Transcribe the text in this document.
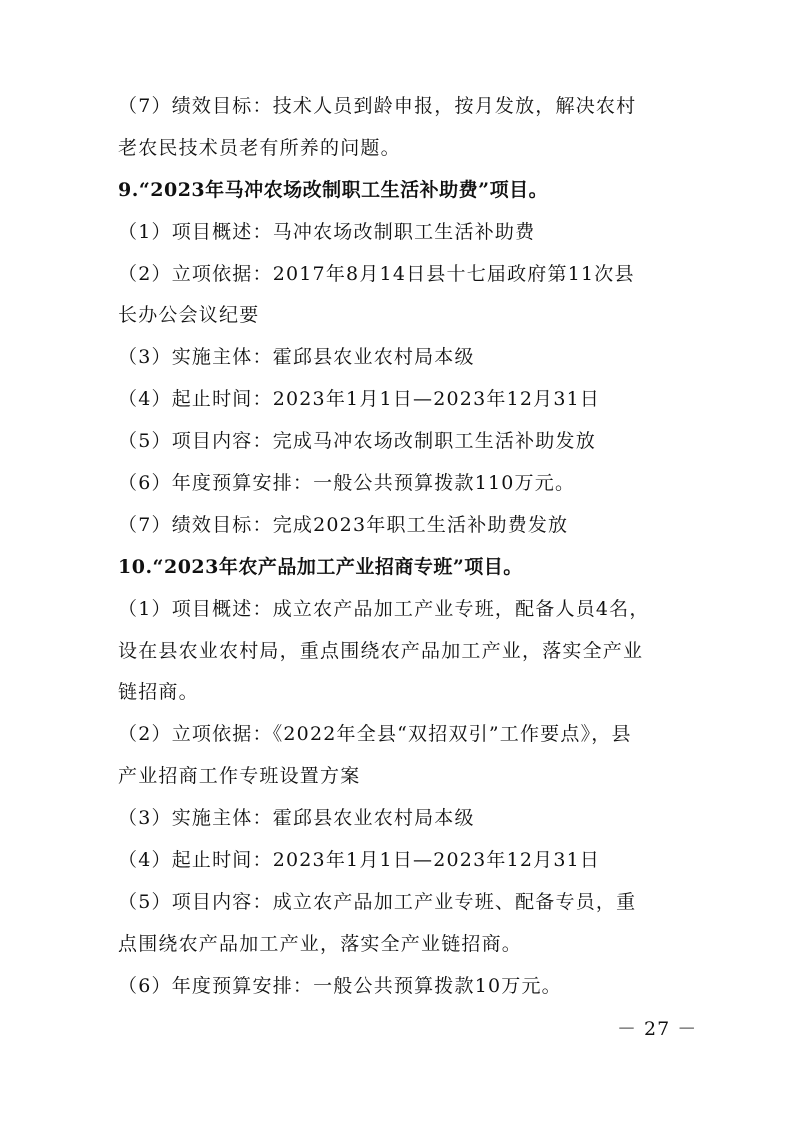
（7）绩效目标：技术人员到龄申报，按月发放，解决农村
老农民技术员老有所养的问题。
9.“2023年马冲农场改制职工生活补助费”项目。
（1）项目概述：马冲农场改制职工生活补助费
（2）立项依据：2017年8月14日县十七届政府第11次县
长办公会议纪要
（3）实施主体：霍邱县农业农村局本级
（4）起止时间：2023年1月1日—2023年12月31日
（5）项目内容：完成马冲农场改制职工生活补助发放
（6）年度预算安排：一般公共预算拨款110万元。
（7）绩效目标：完成2023年职工生活补助费发放
10.“2023年农产品加工产业招商专班”项目。
（1）项目概述：成立农产品加工产业专班，配备人员4名，
设在县农业农村局，重点围绕农产品加工产业，落实全产业
链招商。
（2）立项依据：《2022年全县“双招双引”工作要点》，县
产业招商工作专班设置方案
（3）实施主体：霍邱县农业农村局本级
（4）起止时间：2023年1月1日—2023年12月31日
（5）项目内容：成立农产品加工产业专班、配备专员，重
点围绕农产品加工产业，落实全产业链招商。
（6）年度预算安排：一般公共预算拨款10万元。
－ 27 －
